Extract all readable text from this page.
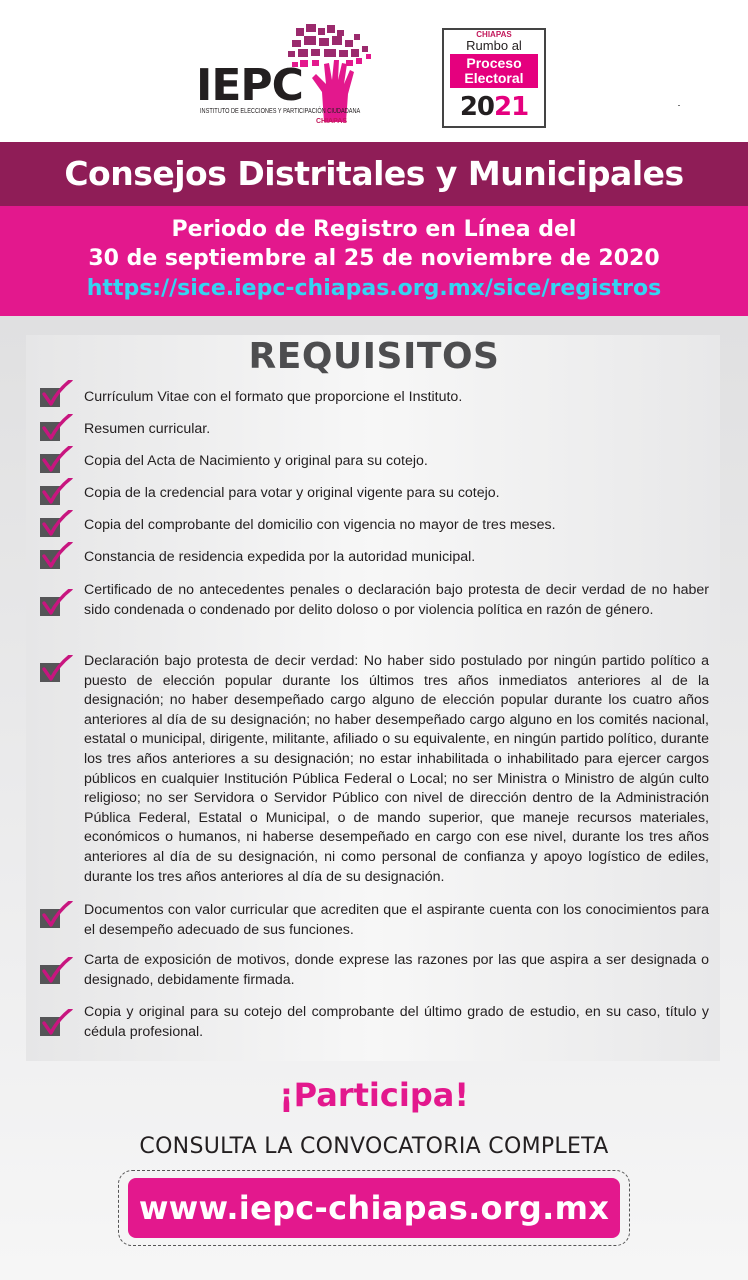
IEPC
INSTITUTO DE ELECCIONES Y PARTICIPACIÓN CIUDADANA
CHIAPAS
CHIAPAS
Rumbo al
Proceso
Electoral
2021
Consejos Distritales y Municipales
Periodo de Registro en Línea del
30 de septiembre al 25 de noviembre de 2020
https://sice.iepc-chiapas.org.mx/sice/registros
REQUISITOS
Currículum Vitae con el formato que proporcione el Instituto.
Resumen curricular.
Copia del Acta de Nacimiento y original para su cotejo.
Copia de la credencial para votar y original vigente para su cotejo.
Copia del comprobante del domicilio con vigencia no mayor de tres meses.
Constancia de residencia expedida por la autoridad municipal.
Certificado de no antecedentes penales o declaración bajo protesta de decir verdad de no haber sido condenada o condenado por delito doloso o por violencia política en razón de género.
Declaración bajo protesta de decir verdad: No haber sido postulado por ningún partido político a puesto de elección popular durante los últimos tres años inmediatos anteriores al de la designación; no haber desempeñado cargo alguno de elección popular durante los cuatro años anteriores al día de su designación; no haber desempeñado cargo alguno en los comités nacional, estatal o municipal, dirigente, militante, afiliado o su equivalente, en ningún partido político, durante los tres años anteriores a su designación; no estar inhabilitada o inhabilitado para ejercer cargos públicos en cualquier Institución Pública Federal o Local; no ser Ministra o Ministro de algún culto religioso; no ser Servidora o Servidor Público con nivel de dirección dentro de la Administración Pública Federal, Estatal o Municipal, o de mando superior, que maneje recursos materiales, económicos o humanos, ni haberse desempeñado en cargo con ese nivel, durante los tres años anteriores al día de su designación, ni como personal de confianza y apoyo logístico de ediles, durante los tres años anteriores al día de su designación.
Documentos con valor curricular que acrediten que el aspirante cuenta con los conocimientos para el desempeño adecuado de sus funciones.
Carta de exposición de motivos, donde exprese las razones por las que aspira a ser designada o designado, debidamente firmada.
Copia y original para su cotejo del comprobante del último grado de estudio, en su caso, título y cédula profesional.
¡Participa!
CONSULTA LA CONVOCATORIA COMPLETA
www.iepc-chiapas.org.mx
